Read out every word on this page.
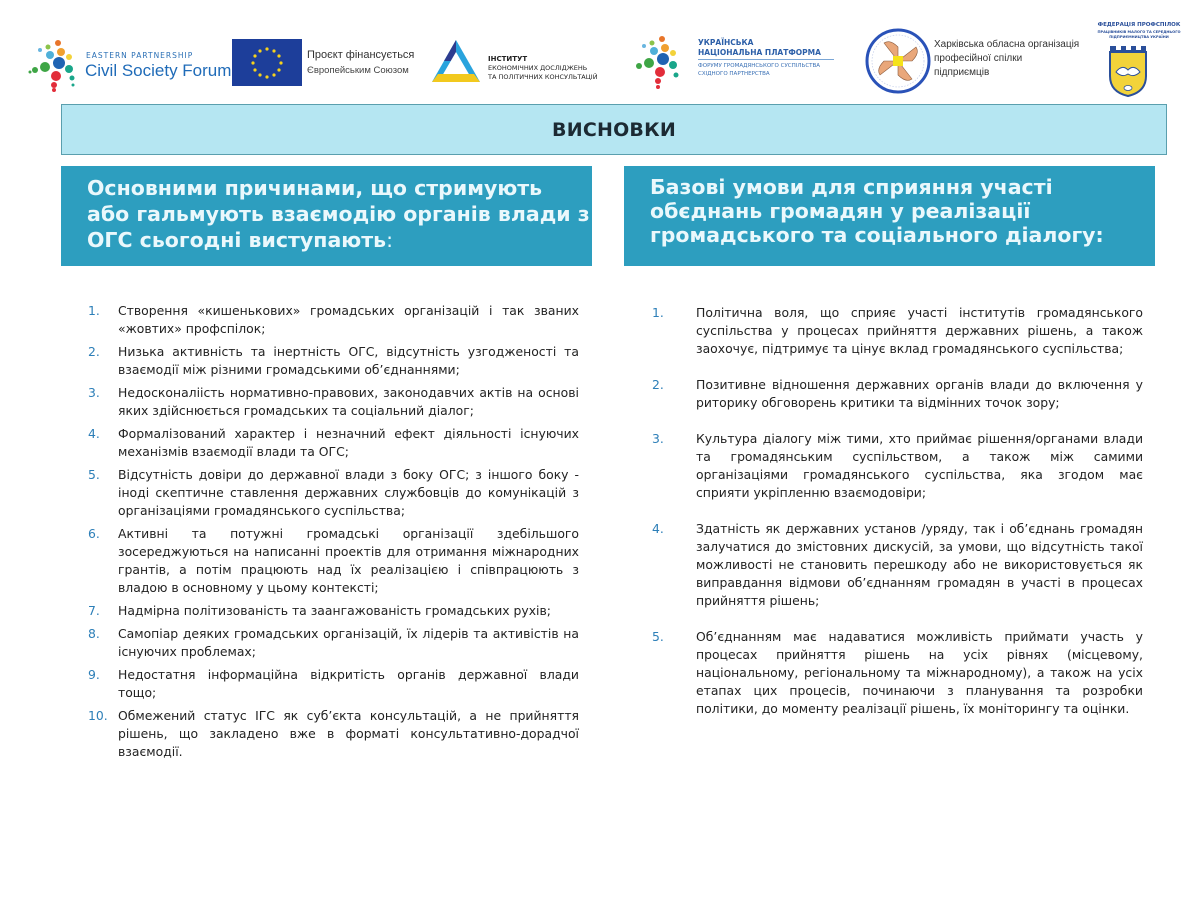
EASTERN PARTNERSHIP
Civil Society Forum
Проєкт фінансується
Європейським Союзом
ІНСТИТУТ
ЕКОНОМІЧНИХ ДОСЛІДЖЕНЬ
ТА ПОЛІТИЧНИХ КОНСУЛЬТАЦІЙ
УКРАЇНСЬКА
НАЦІОНАЛЬНА ПЛАТФОРМА
ФОРУМУ ГРОМАДЯНСЬКОГО СУСПІЛЬСТВА
СХІДНОГО ПАРТНЕРСТВА
Харківська обласна організація
професійної спілки
підприємців
ФЕДЕРАЦІЯ ПРОФСПІЛОК
ПРАЦІВНИКІВ МАЛОГО ТА СЕРЕДНЬОГО
ПІДПРИЄМНИЦТВА УКРАЇНИ
ВИСНОВКИ
Основними причинами, що стримують
або гальмують взаємодію органів влади з
ОГС сьогодні виступають:
Базові умови для сприяння участі
обєднань громадян у реалізації
громадського та соціального діалогу:
1. Створення «кишенькових» громадських організацій і так званих «жовтих» профспілок;
2. Низька активність та інертність ОГС, відсутність узгодженості та взаємодії між різними громадськими об’єднаннями;
3. Недосконаліість нормативно-правових, законодавчих актів на основі яких здійснюється громадських та соціальний діалог;
4. Формалізований характер і незначний ефект діяльності існуючих механізмів взаємодії влади та ОГС;
5. Відсутність довіри до державної влади з боку ОГС; з іншого боку - іноді скептичне ставлення державних службовців до комунікацій з організаціями громадянського суспільства;
6. Активні та потужні громадські організації здебільшого зосереджуються на написанні проектів для отримання міжнародних грантів, а потім працюють над їх реалізацією і співпрацюють з владою в основному у цьому контексті;
7. Надмірна політизованість та заангажованість громадських рухів;
8. Самопіар деяких громадських організацій, їх лідерів та активістів на існуючих проблемах;
9. Недостатня інформаційна відкритість органів державної влади тощо;
10. Обмежений статус ІГС як суб’єкта консультацій, а не прийняття рішень, що закладено вже в форматі консультативно-дорадчої взаємодії.
1.	Політична воля, що сприяє участі інститутів громадянського суспільства у процесах прийняття державних рішень, а також заохочує, підтримує та цінує вклад громадянського суспільства;
2.	Позитивне відношення державних органів влади до включення у риторику обговорень критики та відмінних точок зору;
3.	Культура діалогу між тими, хто приймає рішення/органами влади та громадянським суспільством, а також між самими організаціями громадянського суспільства, яка згодом має сприяти укріпленню взаємодовіри;
4.	Здатність як державних установ /уряду, так і об’єднань громадян залучатися до змістовних дискусій, за умови, що відсутність такої можливості не становить перешкоду або не використовується як виправдання відмови об’єднанням громадян в участі в процесах прийняття рішень;
5.	Об’єднанням має надаватися можливість приймати участь у процесах прийняття рішень на усіх рівнях (місцевому, національному, регіональному та міжнародному), а також на усіх етапах цих процесів, починаючи з планування та розробки політики, до моменту реалізації рішень, їх моніторингу та оцінки.
